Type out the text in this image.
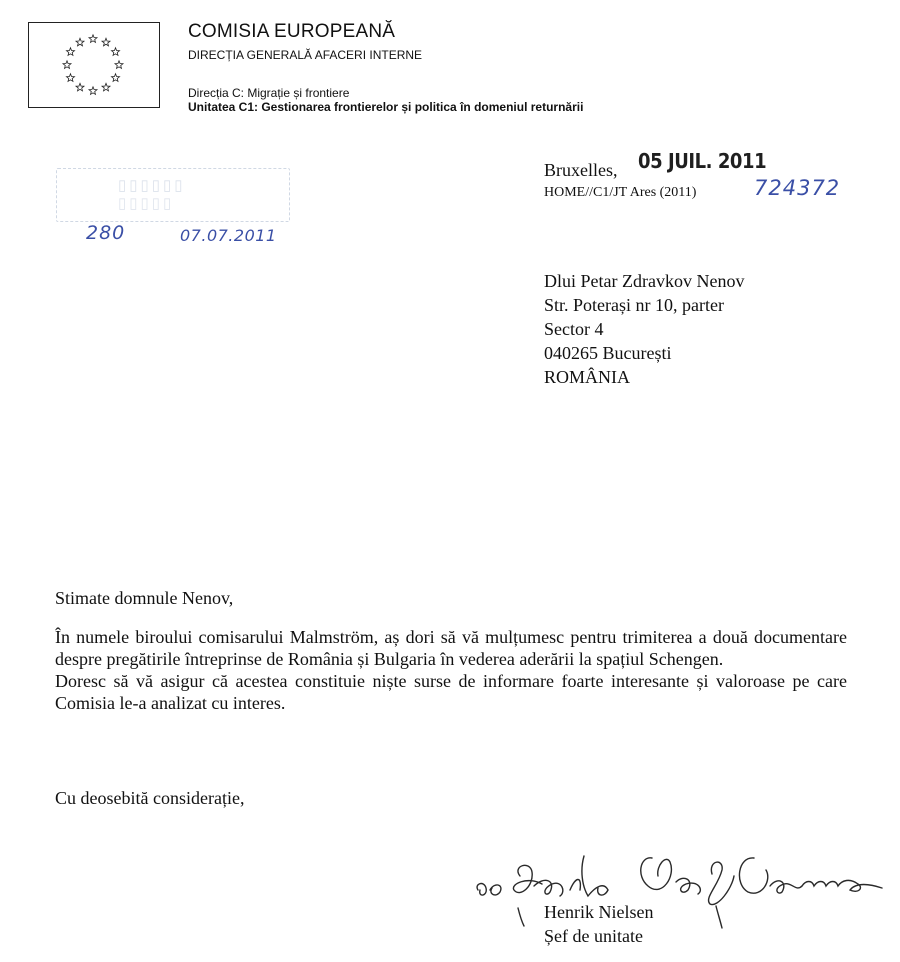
COMISIA EUROPEANĂ
DIRECȚIA GENERALĂ AFACERI INTERNE
Direcția C: Migrație și frontiere
Unitatea C1: Gestionarea frontierelor și politica în domeniul returnării
▯▯▯▯▯▯
▯▯▯▯▯
280	07.07.2011
Bruxelles, 05 JUIL. 2011
HOME//C1/JT Ares (2011)	724372
Dlui Petar Zdravkov Nenov
Str. Poterași nr 10, parter
Sector 4
040265 București
ROMÂNIA
Stimate domnule Nenov,

În numele biroului comisarului Malmström, aș dori să vă mulțumesc pentru trimiterea a două documentare despre pregătirile întreprinse de România și Bulgaria în vederea aderării la spațiul Schengen.

Doresc să vă asigur că acestea constituie niște surse de informare foarte interesante și valoroase pe care Comisia le-a analizat cu interes.

Cu deosebită considerație,
Henrik Nielsen
Șef de unitate
